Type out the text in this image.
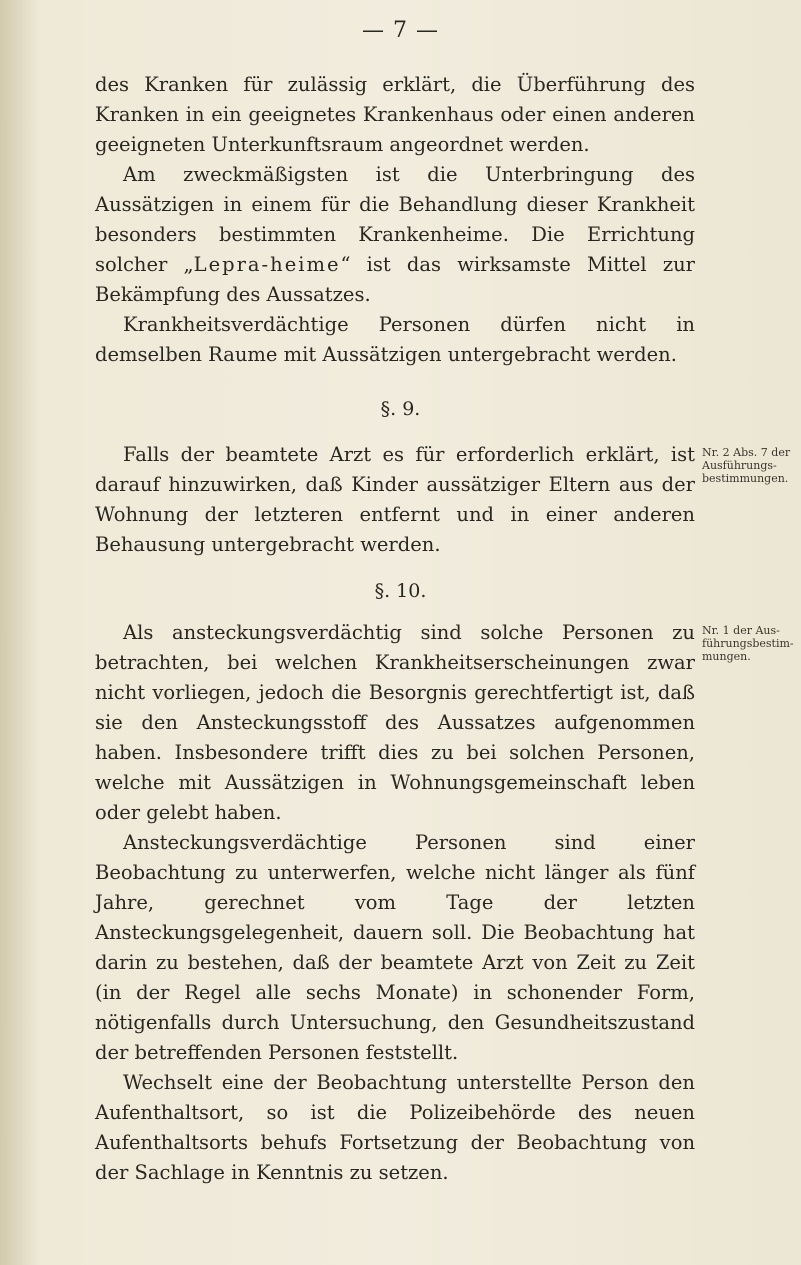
— 7 —

des Kranken für zulässig erklärt, die Überführung des Kranken in ein geeignetes Krankenhaus oder einen anderen geeigneten Unterkunftsraum angeordnet werden.

Am zweckmäßigsten ist die Unterbringung des Aussätzigen in einem für die Behandlung dieser Krankheit besonders bestimmten Krankenheime. Die Errichtung solcher „Lepra-heime“ ist das wirksamste Mittel zur Bekämpfung des Aussatzes.

Krankheitsverdächtige Personen dürfen nicht in demselben Raume mit Aussätzigen untergebracht werden.

§. 9.

Falls der beamtete Arzt es für erforderlich erklärt, ist darauf hinzuwirken, daß Kinder aussätziger Eltern aus der Wohnung der letzteren entfernt und in einer anderen Behausung untergebracht werden.

Nr. 2 Abs. 7 der
Ausführungs-
bestimmungen.
§. 10.

Als ansteckungsverdächtig sind solche Personen zu betrachten, bei welchen Krankheitserscheinungen zwar nicht vorliegen, jedoch die Besorgnis gerechtfertigt ist, daß sie den Ansteckungsstoff des Aussatzes aufgenommen haben. Insbesondere trifft dies zu bei solchen Personen, welche mit Aussätzigen in Wohnungsgemeinschaft leben oder gelebt haben.

Ansteckungsverdächtige Personen sind einer Beobachtung zu unterwerfen, welche nicht länger als fünf Jahre, gerechnet vom Tage der letzten Ansteckungsgelegenheit, dauern soll. Die Beobachtung hat darin zu bestehen, daß der beamtete Arzt von Zeit zu Zeit (in der Regel alle sechs Monate) in schonender Form, nötigenfalls durch Untersuchung, den Gesundheitszustand der betreffenden Personen feststellt.

Wechselt eine der Beobachtung unterstellte Person den Aufenthaltsort, so ist die Polizeibehörde des neuen Aufenthaltsorts behufs Fortsetzung der Beobachtung von der Sachlage in Kenntnis zu setzen.

Nr. 1 der Aus-
führungsbestim-
mungen.
